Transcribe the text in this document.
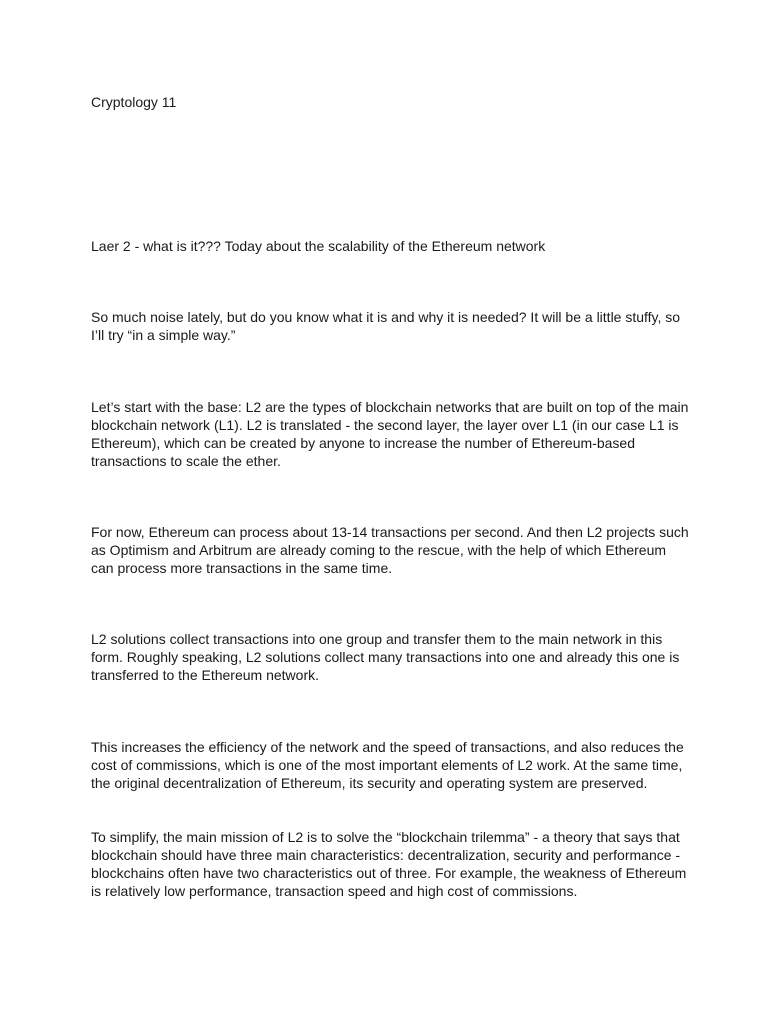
Cryptology 11

Laer 2 - what is it??? Today about the scalability of the Ethereum network

So much noise lately, but do you know what it is and why it is needed? It will be a little stuffy, so I’ll try “in a simple way.”

Let’s start with the base: L2 are the types of blockchain networks that are built on top of the main blockchain network (L1). L2 is translated - the second layer, the layer over L1 (in our case L1 is Ethereum), which can be created by anyone to increase the number of Ethereum-based transactions to scale the ether.

For now, Ethereum can process about 13-14 transactions per second. And then L2 projects such as Optimism and Arbitrum are already coming to the rescue, with the help of which Ethereum can process more transactions in the same time.

L2 solutions collect transactions into one group and transfer them to the main network in this form. Roughly speaking, L2 solutions collect many transactions into one and already this one is transferred to the Ethereum network.

This increases the efficiency of the network and the speed of transactions, and also reduces the cost of commissions, which is one of the most important elements of L2 work. At the same time, the original decentralization of Ethereum, its security and operating system are preserved.

To simplify, the main mission of L2 is to solve the “blockchain trilemma” - a theory that says that blockchain should have three main characteristics: decentralization, security and performance - blockchains often have two characteristics out of three. For example, the weakness of Ethereum is relatively low performance, transaction speed and high cost of commissions.
